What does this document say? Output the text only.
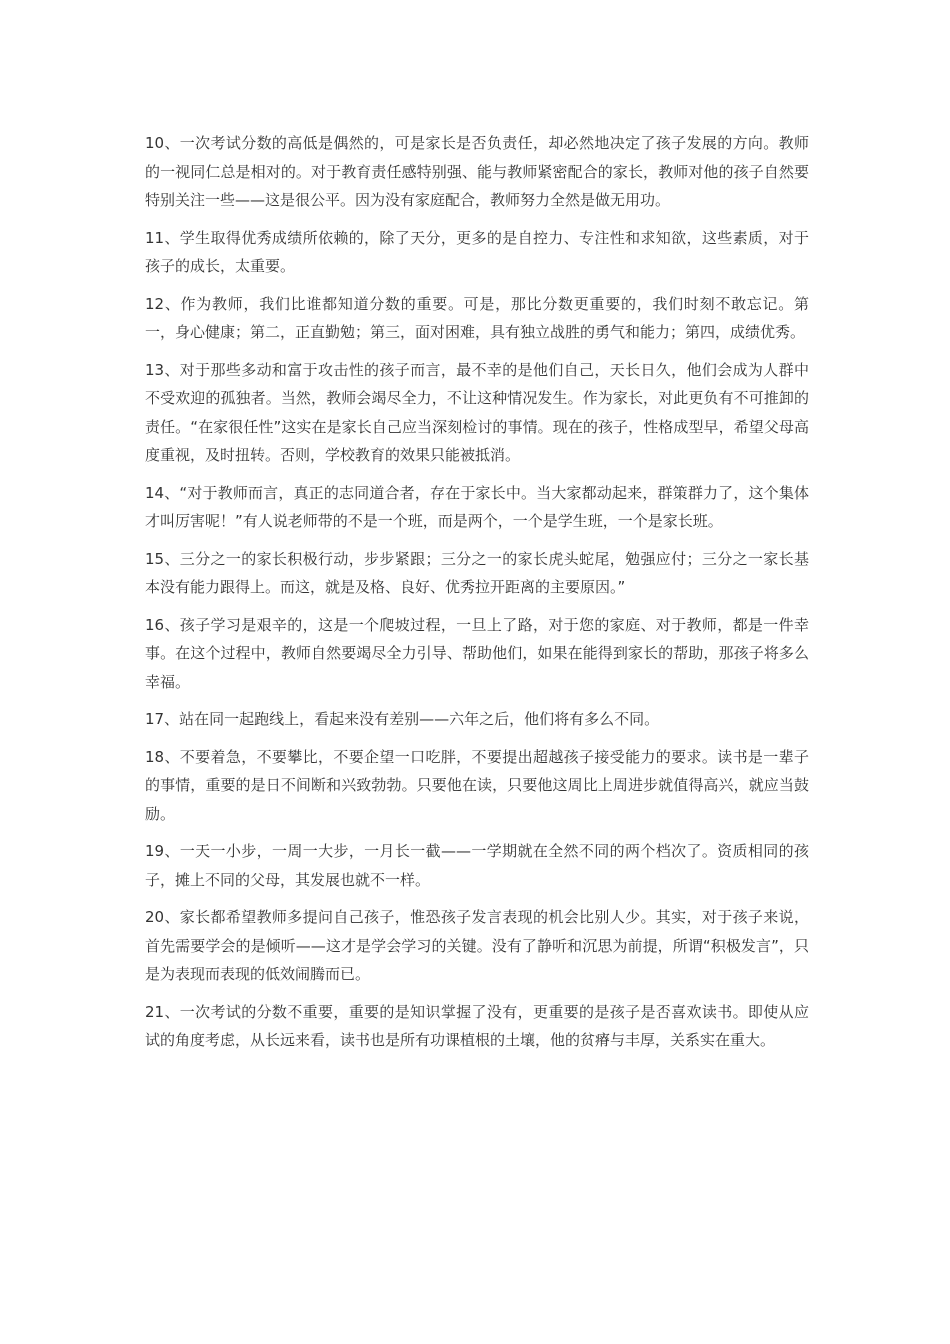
10、一次考试分数的高低是偶然的，可是家长是否负责任，却必然地决定了孩子发展的方向。教师的一视同仁总是相对的。对于教育责任感特别强、能与教师紧密配合的家长，教师对他的孩子自然要特别关注一些——这是很公平。因为没有家庭配合，教师努力全然是做无用功。

11、学生取得优秀成绩所依赖的，除了天分，更多的是自控力、专注性和求知欲，这些素质，对于孩子的成长，太重要。

12、作为教师，我们比谁都知道分数的重要。可是，那比分数更重要的，我们时刻不敢忘记。第一，身心健康；第二，正直勤勉；第三，面对困难，具有独立战胜的勇气和能力；第四，成绩优秀。

13、对于那些多动和富于攻击性的孩子而言，最不幸的是他们自己，天长日久，他们会成为人群中不受欢迎的孤独者。当然，教师会竭尽全力，不让这种情况发生。作为家长，对此更负有不可推卸的责任。“在家很任性”这实在是家长自己应当深刻检讨的事情。现在的孩子，性格成型早，希望父母高度重视，及时扭转。否则，学校教育的效果只能被抵消。

14、“对于教师而言，真正的志同道合者，存在于家长中。当大家都动起来，群策群力了，这个集体才叫厉害呢！”有人说老师带的不是一个班，而是两个，一个是学生班，一个是家长班。

15、三分之一的家长积极行动，步步紧跟；三分之一的家长虎头蛇尾，勉强应付；三分之一家长基本没有能力跟得上。而这，就是及格、良好、优秀拉开距离的主要原因。”

16、孩子学习是艰辛的，这是一个爬坡过程，一旦上了路，对于您的家庭、对于教师，都是一件幸事。在这个过程中，教师自然要竭尽全力引导、帮助他们，如果在能得到家长的帮助，那孩子将多么幸福。

17、站在同一起跑线上，看起来没有差别——六年之后，他们将有多么不同。

18、不要着急，不要攀比，不要企望一口吃胖，不要提出超越孩子接受能力的要求。读书是一辈子的事情，重要的是日不间断和兴致勃勃。只要他在读，只要他这周比上周进步就值得高兴，就应当鼓励。

19、一天一小步，一周一大步，一月长一截——一学期就在全然不同的两个档次了。资质相同的孩子，摊上不同的父母，其发展也就不一样。

20、家长都希望教师多提问自己孩子，惟恐孩子发言表现的机会比别人少。其实，对于孩子来说，首先需要学会的是倾听——这才是学会学习的关键。没有了静听和沉思为前提，所谓“积极发言”，只是为表现而表现的低效闹腾而已。

21、一次考试的分数不重要，重要的是知识掌握了没有，更重要的是孩子是否喜欢读书。即使从应试的角度考虑，从长远来看，读书也是所有功课植根的土壤，他的贫瘠与丰厚，关系实在重大。
